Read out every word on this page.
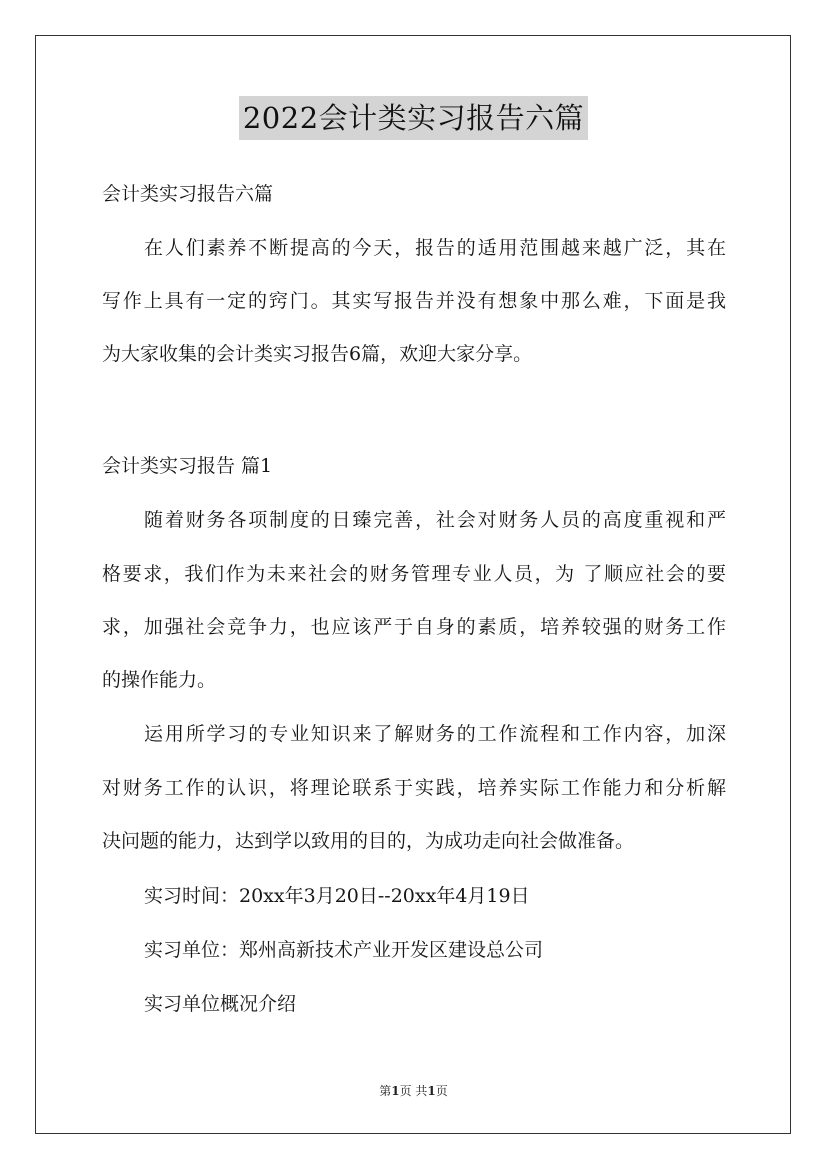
2022会计类实习报告六篇
会计类实习报告六篇
在人们素养不断提高的今天，报告的适用范围越来越广泛，其在
写作上具有一定的窍门。其实写报告并没有想象中那么难，下面是我
为大家收集的会计类实习报告6篇，欢迎大家分享。
会计类实习报告 篇1
随着财务各项制度的日臻完善，社会对财务人员的高度重视和严
格要求，我们作为未来社会的财务管理专业人员，为 了顺应社会的要
求，加强社会竞争力，也应该严于自身的素质，培养较强的财务工作
的操作能力。
运用所学习的专业知识来了解财务的工作流程和工作内容，加深
对财务工作的认识，将理论联系于实践，培养实际工作能力和分析解
决问题的能力，达到学以致用的目的，为成功走向社会做准备。
实习时间：20xx年3月20日--20xx年4月19日
实习单位：郑州高新技术产业开发区建设总公司
实习单位概况介绍
第1页 共1页
